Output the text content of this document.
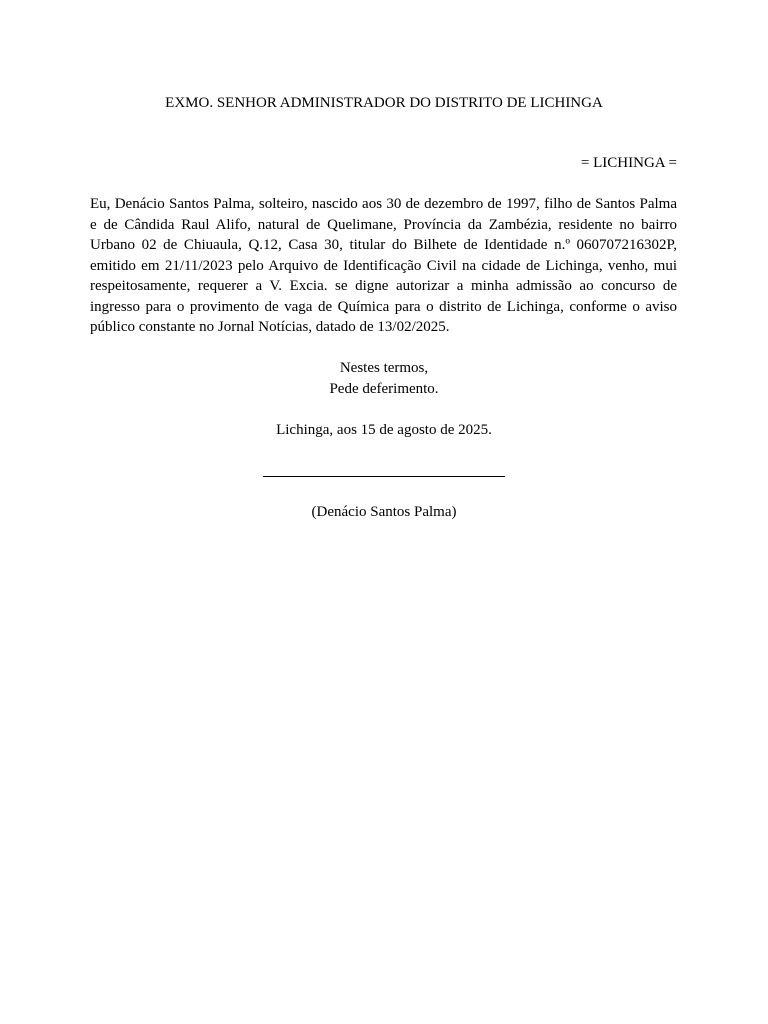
EXMO. SENHOR ADMINISTRADOR DO DISTRITO DE LICHINGA

= LICHINGA =

Eu, Denácio Santos Palma, solteiro, nascido aos 30 de dezembro de 1997, filho de Santos Palma e de Cândida Raul Alifo, natural de Quelimane, Província da Zambézia, residente no bairro Urbano 02 de Chiuaula, Q.12, Casa 30, titular do Bilhete de Identidade n.º 060707216302P, emitido em 21/11/2023 pelo Arquivo de Identificação Civil na cidade de Lichinga, venho, mui respeitosamente, requerer a V. Excia. se digne autorizar a minha admissão ao concurso de ingresso para o provimento de vaga de Química para o distrito de Lichinga, conforme o aviso público constante no Jornal Notícias, datado de 13/02/2025.

Nestes termos,
Pede deferimento.

Lichinga, aos 15 de agosto de 2025.

(Denácio Santos Palma)
